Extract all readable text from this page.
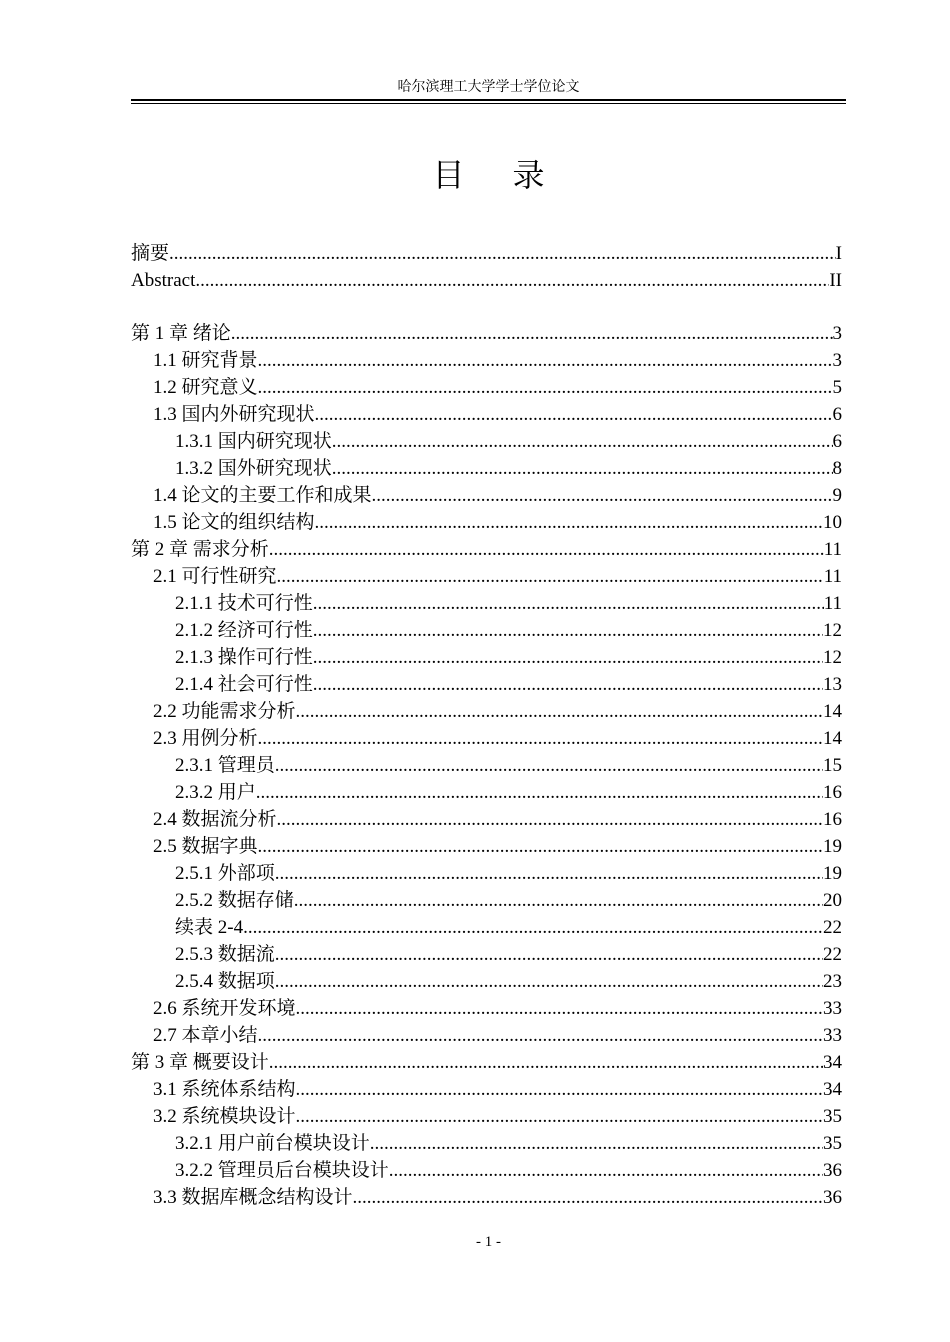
哈尔滨理工大学学士学位论文
目录
摘要 .....	I
Abstract .....	II
第 1 章 绪论 .....	3
1.1 研究背景 .....	3
1.2 研究意义 .....	5
1.3 国内外研究现状 .....	6
1.3.1 国内研究现状 .....	6
1.3.2 国外研究现状 .....	8
1.4 论文的主要工作和成果 .....	9
1.5 论文的组织结构 .....	10
第 2 章 需求分析 .....	11
2.1 可行性研究 .....	11
2.1.1 技术可行性 .....	11
2.1.2 经济可行性 .....	12
2.1.3 操作可行性 .....	12
2.1.4 社会可行性 .....	13
2.2 功能需求分析 .....	14
2.3 用例分析 .....	14
2.3.1 管理员 .....	15
2.3.2 用户 .....	16
2.4 数据流分析 .....	16
2.5 数据字典 .....	19
2.5.1 外部项 .....	19
2.5.2 数据存储 .....	20
续表 2-4 .....	22
2.5.3 数据流 .....	22
2.5.4 数据项 .....	23
2.6 系统开发环境 .....	33
2.7 本章小结 .....	33
第 3 章 概要设计 .....	34
3.1 系统体系结构 .....	34
3.2 系统模块设计 .....	35
3.2.1 用户前台模块设计 .....	35
3.2.2 管理员后台模块设计 .....	36
3.3 数据库概念结构设计 .....	36
- 1 -
